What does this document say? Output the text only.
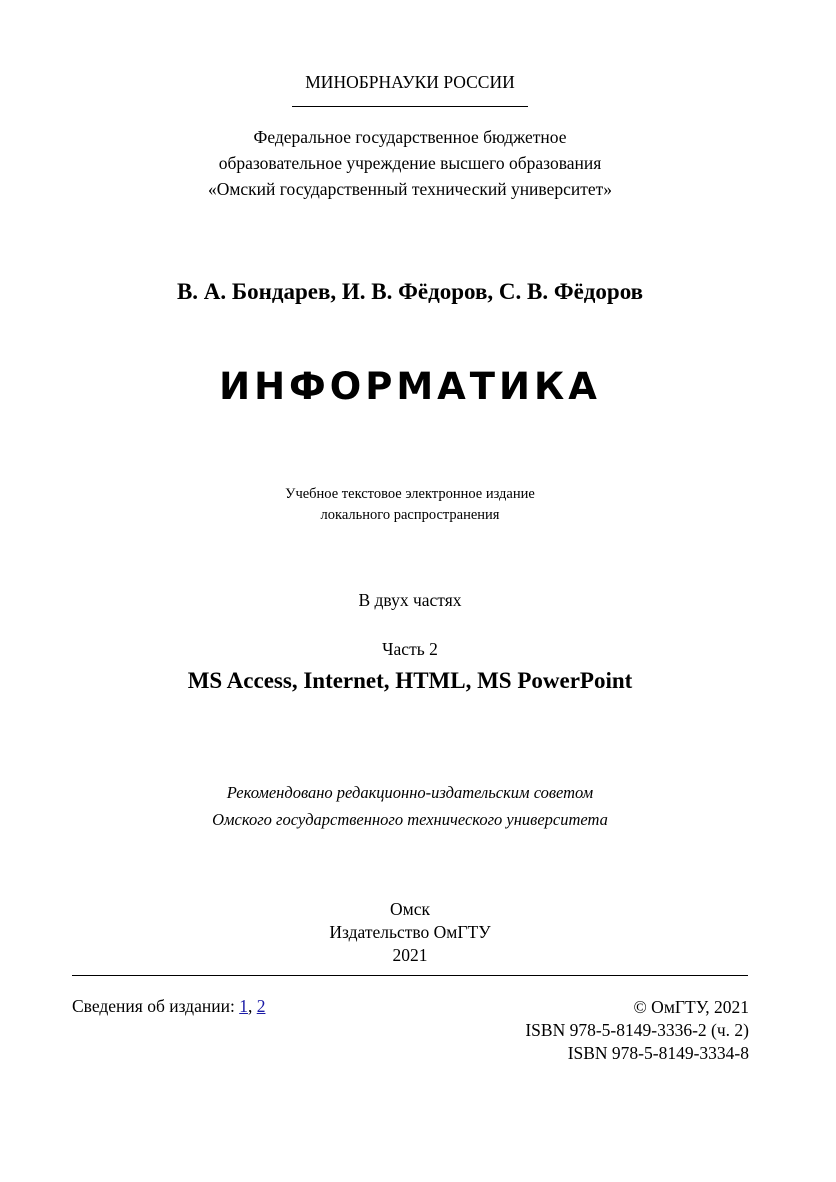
МИНОБРНАУКИ РОССИИ
Федеральное государственное бюджетное
образовательное учреждение высшего образования
«Омский государственный технический университет»
В. А. Бондарев, И. В. Фёдоров, С. В. Фёдоров
ИНФОРМАТИКА
Учебное текстовое электронное издание
локального распространения
В двух частях
Часть 2
MS Access, Internet, HTML, MS PowerPoint
Рекомендовано редакционно-издательским советом
Омского государственного технического университета
Омск
Издательство ОмГТУ
2021
Сведения об издании: 1, 2	© ОмГТУ, 2021
ISBN 978-5-8149-3336-2 (ч. 2)
ISBN 978-5-8149-3334-8
